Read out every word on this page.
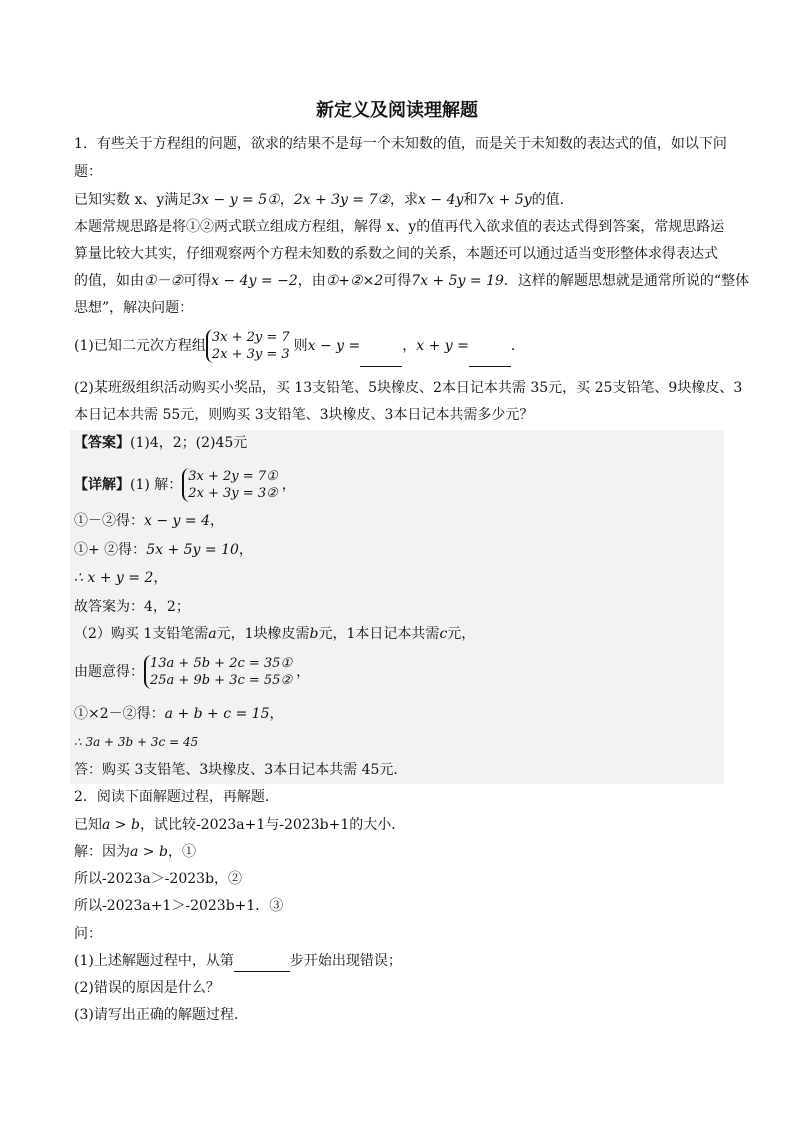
新定义及阅读理解题
1．有些关于方程组的问题，欲求的结果不是每一个未知数的值，而是关于未知数的表达式的值，如以下问
题：
已知实数 x、y满足3x − y = 5①，2x + 3y = 7②，求x − 4y和7x + 5y的值．
本题常规思路是将①②两式联立组成方程组，解得 x、y的值再代入欲求值的表达式得到答案，常规思路运
算量比较大其实，仔细观察两个方程未知数的系数之间的关系，本题还可以通过适当变形整体求得表达式
的值，如由①－②可得x − 4y = −2，由①+②×2可得7x + 5y = 19．这样的解题思想就是通常所说的“整体
思想”，解决问题：
(1)已知二元次方程组
3x + 2y = 7
2x + 3y = 3
则x − y =	，x + y =	．
(2)某班级组织活动购买小奖品，买 13支铅笔、5块橡皮、2本日记本共需 35元，买 25支铅笔、9块橡皮、3
本日记本共需 55元，则购买 3支铅笔、3块橡皮、3本日记本共需多少元？
【答案】(1)4，2；(2)45元
【详解】(1) 解：
3x + 2y = 7①
2x + 3y = 3②
，
①－②得：x − y = 4，
①+ ②得：5x + 5y = 10，
∴ x + y = 2，
故答案为：4，2；
（2）购买 1支铅笔需a元，1块橡皮需b元，1本日记本共需c元，
由题意得：
13a + 5b + 2c = 35①
25a + 9b + 3c = 55②
，
①×2－②得：a + b + c = 15，
∴ 3a + 3b + 3c = 45
答：购买 3支铅笔、3块橡皮、3本日记本共需 45元．
2．阅读下面解题过程，再解题．
已知a > b，试比较-2023a+1与-2023b+1的大小．
解：因为a > b，①
所以-2023a＞-2023b，②
所以-2023a+1＞-2023b+1．③
问：
(1)上述解题过程中，从第	步开始出现错误；
(2)错误的原因是什么？
(3)请写出正确的解题过程．
